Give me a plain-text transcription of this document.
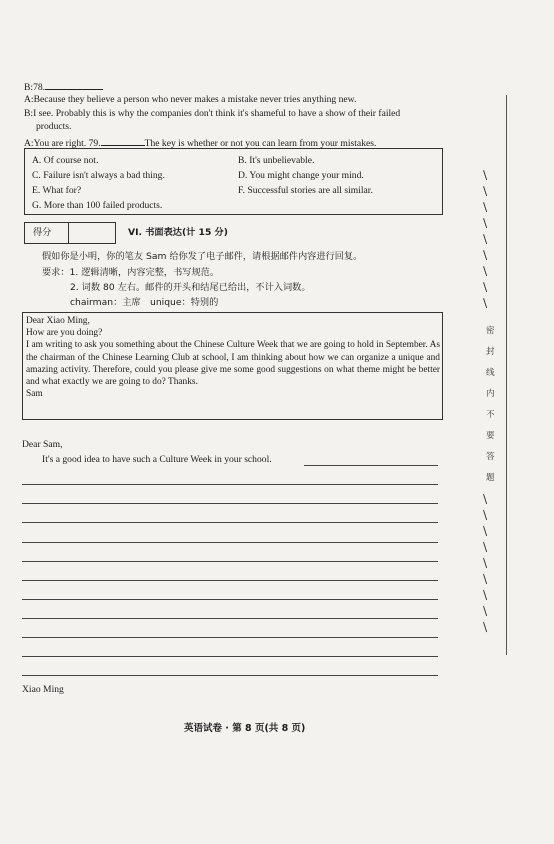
B:78.
A:Because they believe a person who never makes a mistake never tries anything new.
B:I see. Probably this is why the companies don't think it's shameful to have a show of their failed
products.
A:You are right. 79.	The key is whether or not you can learn from your mistakes.
A. Of course not.	B. It's unbelievable.
C. Failure isn't always a bad thing.	D. You might change your mind.
E. What for?	F. Successful stories are all similar.
G. More than 100 failed products.
得分	VI. 书面表达(计 15 分)
假如你是小明，你的笔友 Sam 给你发了电子邮件，请根据邮件内容进行回复。
要求：1. 逻辑清晰，内容完整，书写规范。
2. 词数 80 左右。邮件的开头和结尾已给出，不计入词数。
chairman：主席 unique：特别的

Dear Xiao Ming,

How are you doing?

I am writing to ask you something about the Chinese Culture Week that we are going to hold in September. As the chairman of the Chinese Learning Club at school, I am thinking about how we can organize a unique and amazing activity. Therefore, could you please give me some good suggestions on what theme might be better and what exactly we are going to do? Thanks.

Sam

Dear Sam,
It's a good idea to have such a Culture Week in your school.
Xiao Ming
/
/
/
/
/
/
/
/
/
密
封
线
内
不
要
答
题
/
/
/
/
/
/
/
/
/
英语试卷 · 第 8 页(共 8 页)
